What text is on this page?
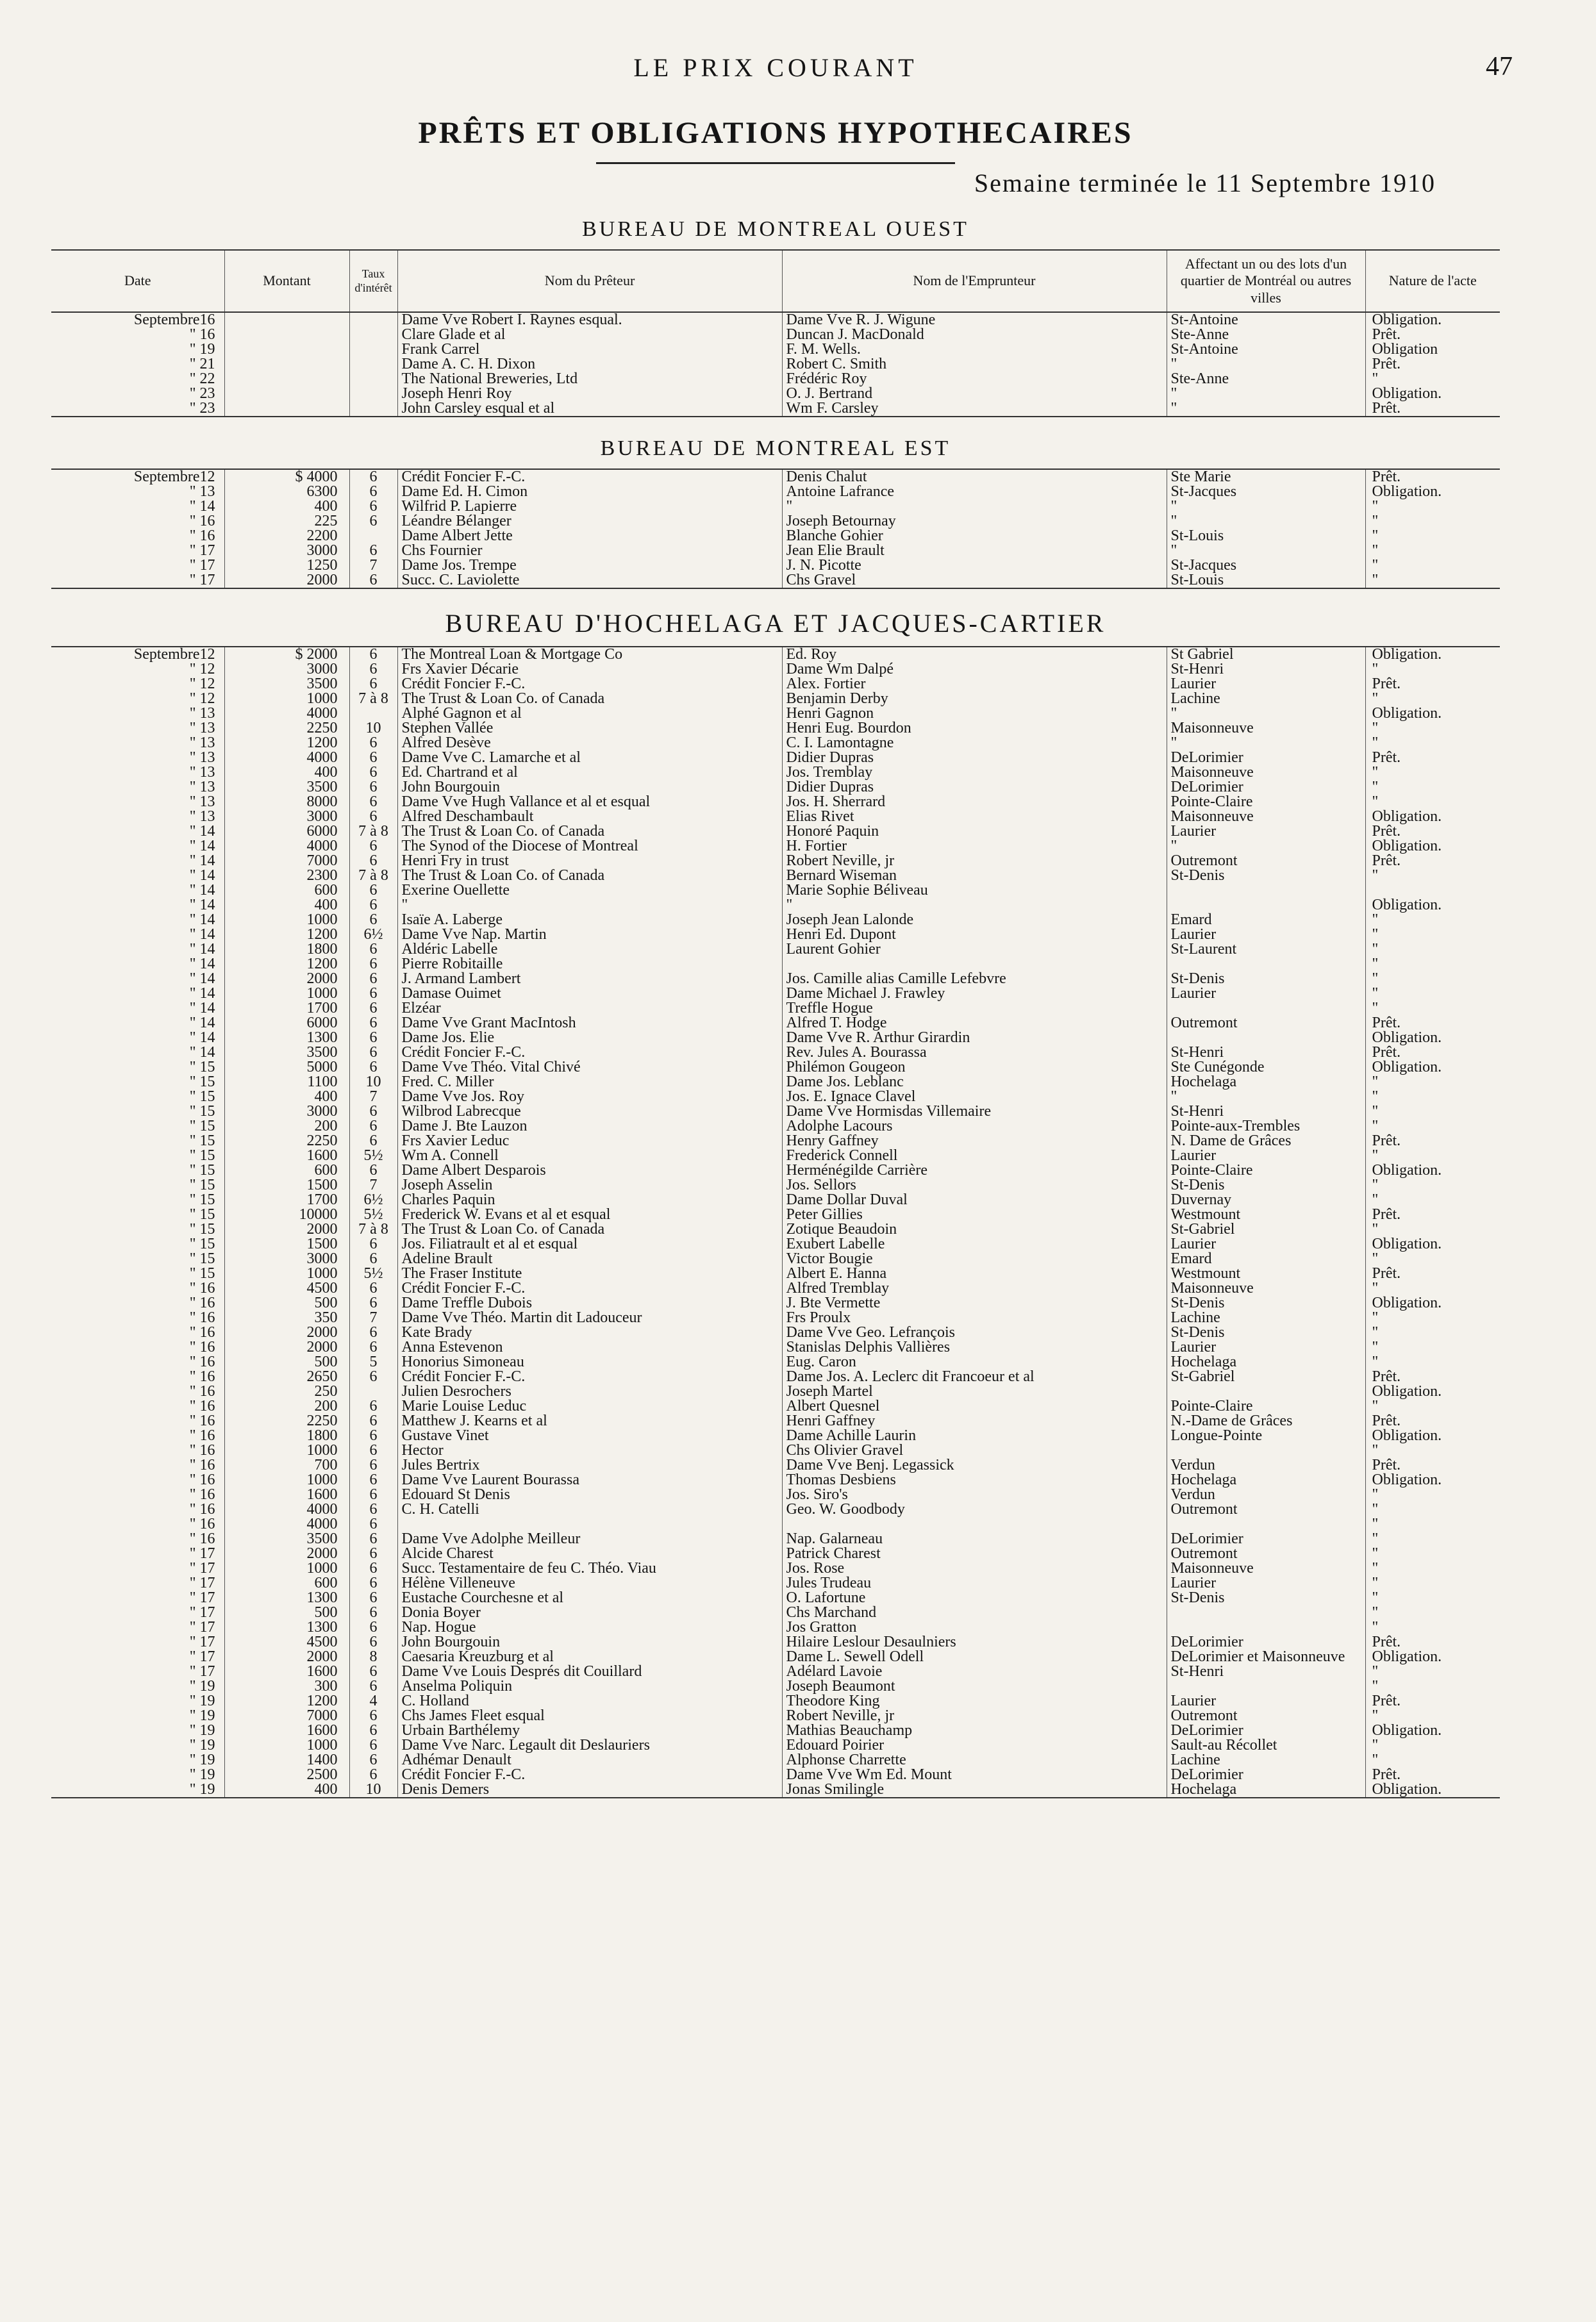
LE PRIX COURANT	47
PRÊTS ET OBLIGATIONS HYPOTHECAIRES
Semaine terminée le 11 Septembre 1910
BUREAU DE MONTREAL OUEST
Date	Montant	Taux d'intérêt	Nom du Prêteur	Nom de l'Emprunteur	Affectant un ou des lots d'un quartier de Montréal ou autres villes	Nature de l'acte
Septembre16			Dame Vve Robert I. Raynes esqual.	Dame Vve R. J. Wigune	St-Antoine	Obligation.
" 16			Clare Glade et al	Duncan J. MacDonald	Ste-Anne	Prêt.
" 19			Frank Carrel	F. M. Wells.	St-Antoine	Obligation
" 21			Dame A. C. H. Dixon	Robert C. Smith	"	Prêt.
" 22			The National Breweries, Ltd	Frédéric Roy	Ste-Anne	"
" 23			Joseph Henri Roy	O. J. Bertrand	"	Obligation.
" 23			John Carsley esqual et al	Wm F. Carsley	"	Prêt.
BUREAU DE MONTREAL EST
Septembre12	$ 4000	6	Crédit Foncier F.-C.	Denis Chalut	Ste Marie	Prêt.
" 13	6300	6	Dame Ed. H. Cimon	Antoine Lafrance	St-Jacques	Obligation.
" 14	400	6	Wilfrid P. Lapierre	"	"	"
" 16	225	6	Léandre Bélanger	Joseph Betournay	"	"
" 16	2200		Dame Albert Jette	Blanche Gohier	St-Louis	"
" 17	3000	6	Chs Fournier	Jean Elie Brault	"	"
" 17	1250	7	Dame Jos. Trempe	J. N. Picotte	St-Jacques	"
" 17	2000	6	Succ. C. Laviolette	Chs Gravel	St-Louis	"
BUREAU D'HOCHELAGA ET JACQUES-CARTIER
Septembre12	$ 2000	6	The Montreal Loan & Mortgage Co	Ed. Roy	St Gabriel	Obligation.
" 12	3000	6	Frs Xavier Décarie	Dame Wm Dalpé	St-Henri	"
" 12	3500	6	Crédit Foncier F.-C.	Alex. Fortier	Laurier	Prêt.
" 12	1000	7 à 8	The Trust & Loan Co. of Canada	Benjamin Derby	Lachine	"
" 13	4000		Alphé Gagnon et al	Henri Gagnon	"	Obligation.
" 13	2250	10	Stephen Vallée	Henri Eug. Bourdon	Maisonneuve	"
" 13	1200	6	Alfred Desève	C. I. Lamontagne	"	"
" 13	4000	6	Dame Vve C. Lamarche et al	Didier Dupras	DeLorimier	Prêt.
" 13	400	6	Ed. Chartrand et al	Jos. Tremblay	Maisonneuve	"
" 13	3500	6	John Bourgouin	Didier Dupras	DeLorimier	"
" 13	8000	6	Dame Vve Hugh Vallance et al et esqual	Jos. H. Sherrard	Pointe-Claire	"
" 13	3000	6	Alfred Deschambault	Elias Rivet	Maisonneuve	Obligation.
" 14	6000	7 à 8	The Trust & Loan Co. of Canada	Honoré Paquin	Laurier	Prêt.
" 14	4000	6	The Synod of the Diocese of Montreal	H. Fortier	"	Obligation.
" 14	7000	6	Henri Fry in trust	Robert Neville, jr	Outremont	Prêt.
" 14	2300	7 à 8	The Trust & Loan Co. of Canada	Bernard Wiseman	St-Denis	"
" 14	600	6	Exerine Ouellette	Marie Sophie Béliveau		
" 14	400	6	"	"		Obligation.
" 14	1000	6	Isaïe A. Laberge	Joseph Jean Lalonde	Emard	"
" 14	1200	6½	Dame Vve Nap. Martin	Henri Ed. Dupont	Laurier	"
" 14	1800	6	Aldéric Labelle	Laurent Gohier	St-Laurent	"
" 14	1200	6	Pierre Robitaille			"
" 14	2000	6	J. Armand Lambert	Jos. Camille alias Camille Lefebvre	St-Denis	"
" 14	1000	6	Damase Ouimet	Dame Michael J. Frawley	Laurier	"
" 14	1700	6	Elzéar	Treffle Hogue		"
" 14	6000	6	Dame Vve Grant MacIntosh	Alfred T. Hodge	Outremont	Prêt.
" 14	1300	6	Dame Jos. Elie	Dame Vve R. Arthur Girardin		Obligation.
" 14	3500	6	Crédit Foncier F.-C.	Rev. Jules A. Bourassa	St-Henri	Prêt.
" 15	5000	6	Dame Vve Théo. Vital Chivé	Philémon Gougeon	Ste Cunégonde	Obligation.
" 15	1100	10	Fred. C. Miller	Dame Jos. Leblanc	Hochelaga	"
" 15	400	7	Dame Vve Jos. Roy	Jos. E. Ignace Clavel	"	"
" 15	3000	6	Wilbrod Labrecque	Dame Vve Hormisdas Villemaire	St-Henri	"
" 15	200	6	Dame J. Bte Lauzon	Adolphe Lacours	Pointe-aux-Trembles	"
" 15	2250	6	Frs Xavier Leduc	Henry Gaffney	N. Dame de Grâces	Prêt.
" 15	1600	5½	Wm A. Connell	Frederick Connell	Laurier	"
" 15	600	6	Dame Albert Desparois	Herménégilde Carrière	Pointe-Claire	Obligation.
" 15	1500	7	Joseph Asselin	Jos. Sellors	St-Denis	"
" 15	1700	6½	Charles Paquin	Dame Dollar Duval	Duvernay	"
" 15	10000	5½	Frederick W. Evans et al et esqual	Peter Gillies	Westmount	Prêt.
" 15	2000	7 à 8	The Trust & Loan Co. of Canada	Zotique Beaudoin	St-Gabriel	"
" 15	1500	6	Jos. Filiatrault et al et esqual	Exubert Labelle	Laurier	Obligation.
" 15	3000	6	Adeline Brault	Victor Bougie	Emard	"
" 15	1000	5½	The Fraser Institute	Albert E. Hanna	Westmount	Prêt.
" 16	4500	6	Crédit Foncier F.-C.	Alfred Tremblay	Maisonneuve	"
" 16	500	6	Dame Treffle Dubois	J. Bte Vermette	St-Denis	Obligation.
" 16	350	7	Dame Vve Théo. Martin dit Ladouceur	Frs Proulx	Lachine	"
" 16	2000	6	Kate Brady	Dame Vve Geo. Lefrançois	St-Denis	"
" 16	2000	6	Anna Estevenon	Stanislas Delphis Vallières	Laurier	"
" 16	500	5	Honorius Simoneau	Eug. Caron	Hochelaga	"
" 16	2650	6	Crédit Foncier F.-C.	Dame Jos. A. Leclerc dit Francoeur et al	St-Gabriel	Prêt.
" 16	250		Julien Desrochers	Joseph Martel		Obligation.
" 16	200	6	Marie Louise Leduc	Albert Quesnel	Pointe-Claire	"
" 16	2250	6	Matthew J. Kearns et al	Henri Gaffney	N.-Dame de Grâces	Prêt.
" 16	1800	6	Gustave Vinet	Dame Achille Laurin	Longue-Pointe	Obligation.
" 16	1000	6	Hector	Chs Olivier Gravel		"
" 16	700	6	Jules Bertrix	Dame Vve Benj. Legassick	Verdun	Prêt.
" 16	1000	6	Dame Vve Laurent Bourassa	Thomas Desbiens	Hochelaga	Obligation.
" 16	1600	6	Edouard St Denis	Jos. Siro's	Verdun	"
" 16	4000	6	C. H. Catelli	Geo. W. Goodbody	Outremont	"
" 16	4000	6				"
" 16	3500	6	Dame Vve Adolphe Meilleur	Nap. Galarneau	DeLorimier	"
" 17	2000	6	Alcide Charest	Patrick Charest	Outremont	"
" 17	1000	6	Succ. Testamentaire de feu C. Théo. Viau	Jos. Rose	Maisonneuve	"
" 17	600	6	Hélène Villeneuve	Jules Trudeau	Laurier	"
" 17	1300	6	Eustache Courchesne et al	O. Lafortune	St-Denis	"
" 17	500	6	Donia Boyer	Chs Marchand		"
" 17	1300	6	Nap. Hogue	Jos Gratton		"
" 17	4500	6	John Bourgouin	Hilaire Leslour Desaulniers	DeLorimier	Prêt.
" 17	2000	8	Caesaria Kreuzburg et al	Dame L. Sewell Odell	DeLorimier et Maisonneuve	Obligation.
" 17	1600	6	Dame Vve Louis Després dit Couillard	Adélard Lavoie	St-Henri	"
" 19	300	6	Anselma Poliquin	Joseph Beaumont		"
" 19	1200	4	C. Holland	Theodore King	Laurier	Prêt.
" 19	7000	6	Chs James Fleet esqual	Robert Neville, jr	Outremont	"
" 19	1600	6	Urbain Barthélemy	Mathias Beauchamp	DeLorimier	Obligation.
" 19	1000	6	Dame Vve Narc. Legault dit Deslauriers	Edouard Poirier	Sault-au Récollet	"
" 19	1400	6	Adhémar Denault	Alphonse Charrette	Lachine	"
" 19	2500	6	Crédit Foncier F.-C.	Dame Vve Wm Ed. Mount	DeLorimier	Prêt.
" 19	400	10	Denis Demers	Jonas Smilingle	Hochelaga	Obligation.
